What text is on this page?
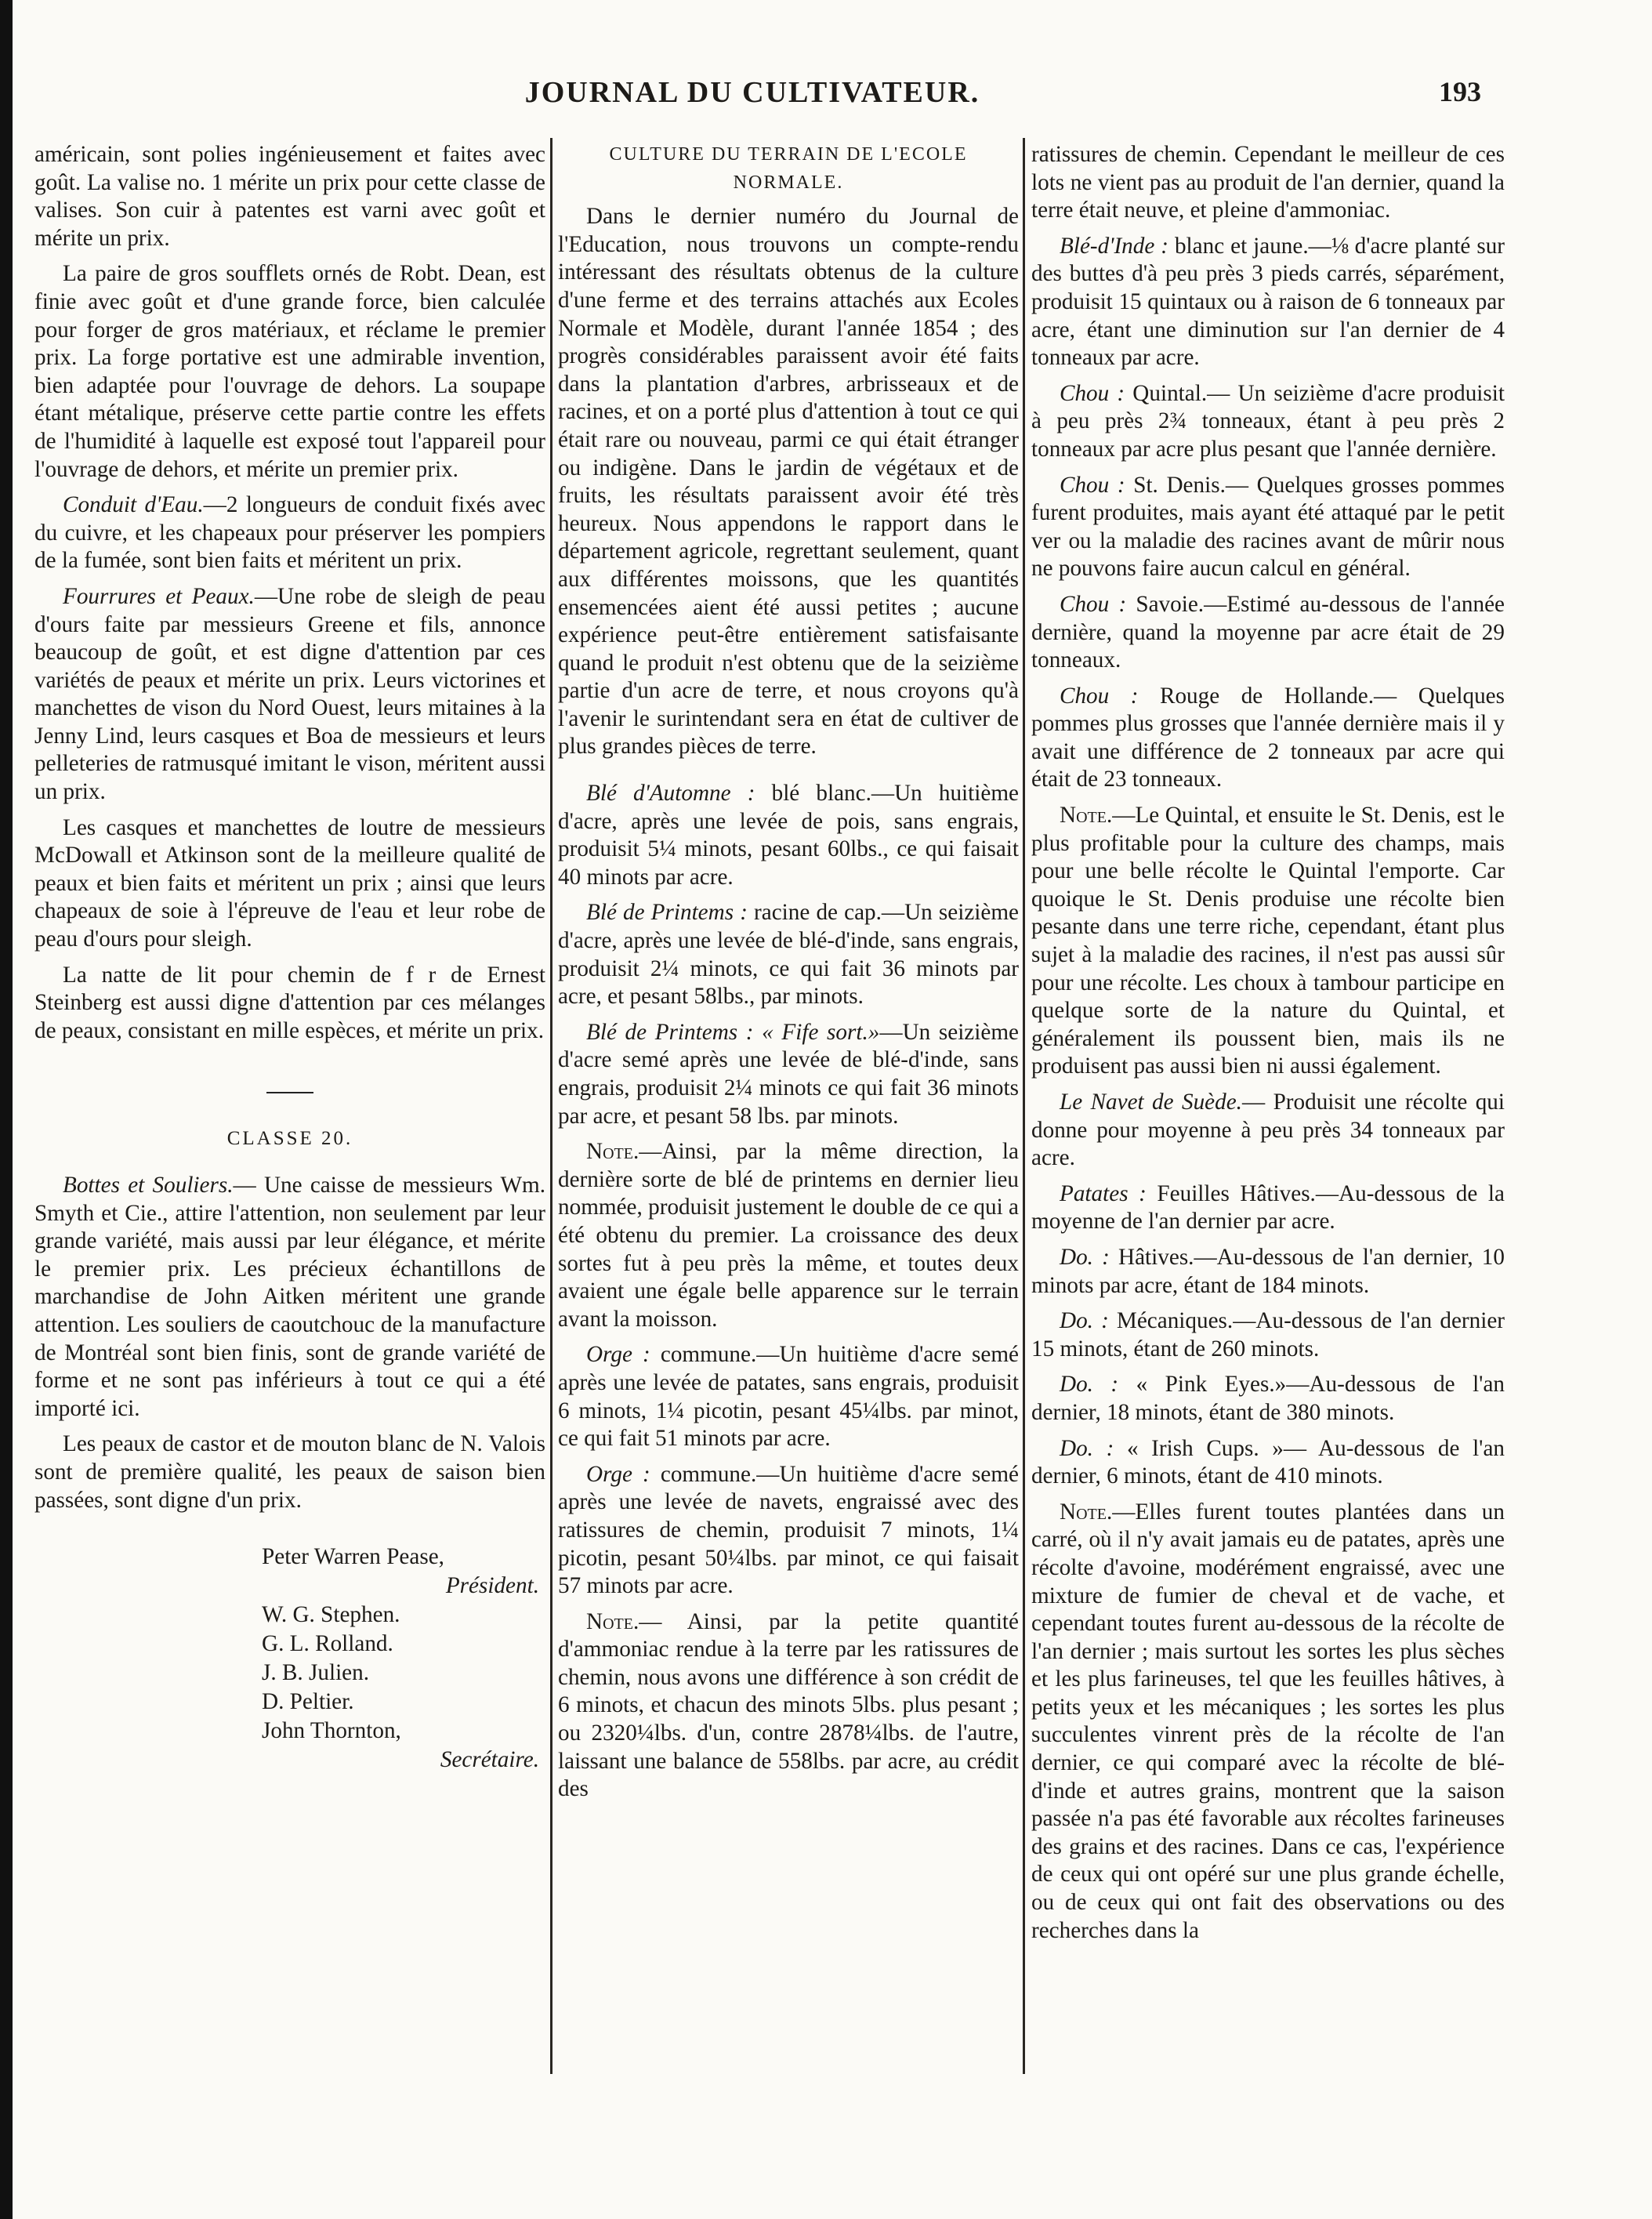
JOURNAL DU CULTIVATEUR.	193

américain, sont polies ingénieusement et faites avec goût. La valise no. 1 mérite un prix pour cette classe de valises. Son cuir à patentes est varni avec goût et mérite un prix.

La paire de gros soufflets ornés de Robt. Dean, est finie avec goût et d'une grande force, bien calculée pour forger de gros matériaux, et réclame le premier prix. La forge portative est une admirable invention, bien adaptée pour l'ouvrage de dehors. La soupape étant métalique, préserve cette partie contre les effets de l'humidité à laquelle est exposé tout l'appareil pour l'ouvrage de dehors, et mérite un premier prix.

Conduit d'Eau.—2 longueurs de conduit fixés avec du cuivre, et les chapeaux pour préserver les pompiers de la fumée, sont bien faits et méritent un prix.

Fourrures et Peaux.—Une robe de sleigh de peau d'ours faite par messieurs Greene et fils, annonce beaucoup de goût, et est digne d'attention par ces variétés de peaux et mérite un prix. Leurs victorines et manchettes de vison du Nord Ouest, leurs mitaines à la Jenny Lind, leurs casques et Boa de messieurs et leurs pelleteries de ratmusqué imitant le vison, méritent aussi un prix.

Les casques et manchettes de loutre de messieurs McDowall et Atkinson sont de la meilleure qualité de peaux et bien faits et méritent un prix ; ainsi que leurs chapeaux de soie à l'épreuve de l'eau et leur robe de peau d'ours pour sleigh.

La natte de lit pour chemin de f r de Ernest Steinberg est aussi digne d'attention par ces mélanges de peaux, consistant en mille espèces, et mérite un prix.

CLASSE 20.

Bottes et Souliers.— Une caisse de messieurs Wm. Smyth et Cie., attire l'attention, non seulement par leur grande variété, mais aussi par leur élégance, et mérite le premier prix. Les précieux échantillons de marchandise de John Aitken méritent une grande attention. Les souliers de caoutchouc de la manufacture de Montréal sont bien finis, sont de grande variété de forme et ne sont pas inférieurs à tout ce qui a été importé ici.

Les peaux de castor et de mouton blanc de N. Valois sont de première qualité, les peaux de saison bien passées, sont digne d'un prix.

Peter Warren Pease,
Président.
W. G. Stephen.
G. L. Rolland.
J. B. Julien.
D. Peltier.
John Thornton,
Secrétaire.

CULTURE DU TERRAIN DE L'ECOLE NORMALE.

Dans le dernier numéro du Journal de l'Education, nous trouvons un compte-rendu intéressant des résultats obtenus de la culture d'une ferme et des terrains attachés aux Ecoles Normale et Modèle, durant l'année 1854 ; des progrès considérables paraissent avoir été faits dans la plantation d'arbres, arbrisseaux et de racines, et on a porté plus d'attention à tout ce qui était rare ou nouveau, parmi ce qui était étranger ou indigène. Dans le jardin de végétaux et de fruits, les résultats paraissent avoir été très heureux. Nous appendons le rapport dans le département agricole, regrettant seulement, quant aux différentes moissons, que les quantités ensemencées aient été aussi petites ; aucune expérience peut-être entièrement satisfaisante quand le produit n'est obtenu que de la seizième partie d'un acre de terre, et nous croyons qu'à l'avenir le surintendant sera en état de cultiver de plus grandes pièces de terre.

Blé d'Automne : blé blanc.—Un huitième d'acre, après une levée de pois, sans engrais, produisit 5¼ minots, pesant 60lbs., ce qui faisait 40 minots par acre.

Blé de Printems : racine de cap.—Un seizième d'acre, après une levée de blé-d'inde, sans engrais, produisit 2¼ minots, ce qui fait 36 minots par acre, et pesant 58lbs., par minots.

Blé de Printems : « Fife sort.»—Un seizième d'acre semé après une levée de blé-d'inde, sans engrais, produisit 2¼ minots ce qui fait 36 minots par acre, et pesant 58 lbs. par minots.

Note.—Ainsi, par la même direction, la dernière sorte de blé de printems en dernier lieu nommée, produisit justement le double de ce qui a été obtenu du premier. La croissance des deux sortes fut à peu près la même, et toutes deux avaient une égale belle apparence sur le terrain avant la moisson.

Orge : commune.—Un huitième d'acre semé après une levée de patates, sans engrais, produisit 6 minots, 1¼ picotin, pesant 45¼lbs. par minot, ce qui fait 51 minots par acre.

Orge : commune.—Un huitième d'acre semé après une levée de navets, engraissé avec des ratissures de chemin, produisit 7 minots, 1¼ picotin, pesant 50¼lbs. par minot, ce qui faisait 57 minots par acre.

Note.— Ainsi, par la petite quantité d'ammoniac rendue à la terre par les ratissures de chemin, nous avons une différence à son crédit de 6 minots, et chacun des minots 5lbs. plus pesant ; ou 2320¼lbs. d'un, contre 2878¼lbs. de l'autre, laissant une balance de 558lbs. par acre, au crédit des

ratissures de chemin. Cependant le meilleur de ces lots ne vient pas au produit de l'an dernier, quand la terre était neuve, et pleine d'ammoniac.

Blé-d'Inde : blanc et jaune.—⅛ d'acre planté sur des buttes d'à peu près 3 pieds carrés, séparément, produisit 15 quintaux ou à raison de 6 tonneaux par acre, étant une diminution sur l'an dernier de 4 tonneaux par acre.

Chou : Quintal.— Un seizième d'acre produisit à peu près 2¾ tonneaux, étant à peu près 2 tonneaux par acre plus pesant que l'année dernière.

Chou : St. Denis.— Quelques grosses pommes furent produites, mais ayant été attaqué par le petit ver ou la maladie des racines avant de mûrir nous ne pouvons faire aucun calcul en général.

Chou : Savoie.—Estimé au-dessous de l'année dernière, quand la moyenne par acre était de 29 tonneaux.

Chou : Rouge de Hollande.— Quelques pommes plus grosses que l'année dernière mais il y avait une différence de 2 tonneaux par acre qui était de 23 tonneaux.

Note.—Le Quintal, et ensuite le St. Denis, est le plus profitable pour la culture des champs, mais pour une belle récolte le Quintal l'emporte. Car quoique le St. Denis produise une récolte bien pesante dans une terre riche, cependant, étant plus sujet à la maladie des racines, il n'est pas aussi sûr pour une récolte. Les choux à tambour participe en quelque sorte de la nature du Quintal, et généralement ils poussent bien, mais ils ne produisent pas aussi bien ni aussi également.

Le Navet de Suède.— Produisit une récolte qui donne pour moyenne à peu près 34 tonneaux par acre.

Patates : Feuilles Hâtives.—Au-dessous de la moyenne de l'an dernier par acre.

Do. : Hâtives.—Au-dessous de l'an dernier, 10 minots par acre, étant de 184 minots.

Do. : Mécaniques.—Au-dessous de l'an dernier 15 minots, étant de 260 minots.

Do. : « Pink Eyes.»—Au-dessous de l'an dernier, 18 minots, étant de 380 minots.

Do. : « Irish Cups. »— Au-dessous de l'an dernier, 6 minots, étant de 410 minots.

Note.—Elles furent toutes plantées dans un carré, où il n'y avait jamais eu de patates, après une récolte d'avoine, modérément engraissé, avec une mixture de fumier de cheval et de vache, et cependant toutes furent au-dessous de la récolte de l'an dernier ; mais surtout les sortes les plus sèches et les plus farineuses, tel que les feuilles hâtives, à petits yeux et les mécaniques ; les sortes les plus succulentes vinrent près de la récolte de l'an dernier, ce qui comparé avec la récolte de blé-d'inde et autres grains, montrent que la saison passée n'a pas été favorable aux récoltes farineuses des grains et des racines. Dans ce cas, l'expérience de ceux qui ont opéré sur une plus grande échelle, ou de ceux qui ont fait des observations ou des recherches dans la
